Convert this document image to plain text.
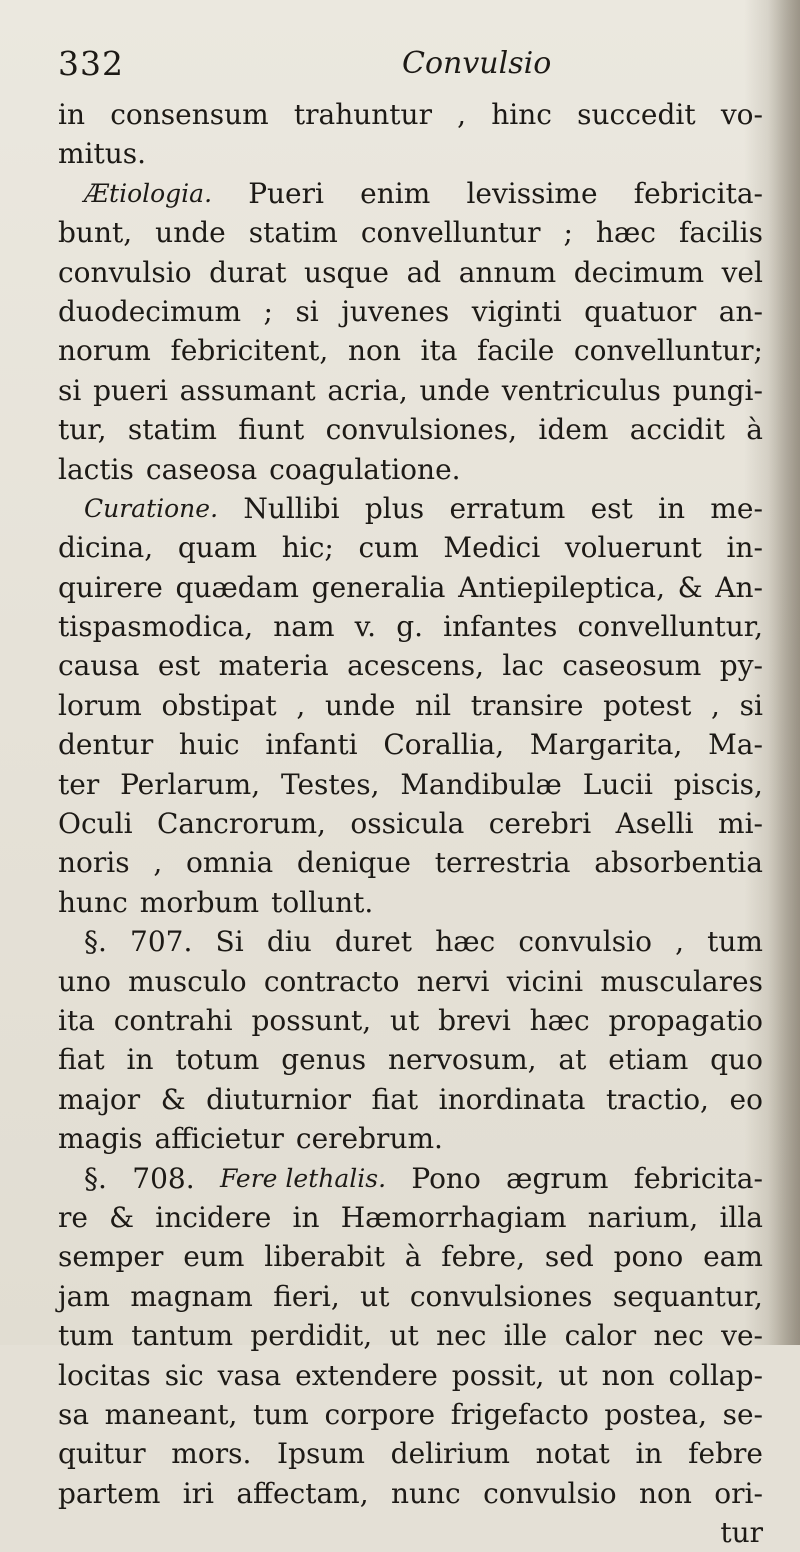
332	Convulsio
in consensum trahuntur , hinc succedit vo-
mitus.
Ætiologia. Pueri enim levissime febricita-
bunt, unde statim convelluntur ; hæc facilis
convulsio durat usque ad annum decimum vel
duodecimum ; si juvenes viginti quatuor an-
norum febricitent, non ita facile convelluntur;
si pueri assumant acria, unde ventriculus pungi-
tur, statim fiunt convulsiones, idem accidit à
lactis caseosa coagulatione.
Curatione. Nullibi plus erratum est in me-
dicina, quam hic; cum Medici voluerunt in-
quirere quædam generalia Antiepileptica, & An-
tispasmodica, nam v. g. infantes convelluntur,
causa est materia acescens, lac caseosum py-
lorum obstipat , unde nil transire potest , si
dentur huic infanti Corallia, Margarita, Ma-
ter Perlarum, Testes, Mandibulæ Lucii piscis,
Oculi Cancrorum, ossicula cerebri Aselli mi-
noris , omnia denique terrestria absorbentia
hunc morbum tollunt.
§. 707. Si diu duret hæc convulsio , tum
uno musculo contracto nervi vicini musculares
ita contrahi possunt, ut brevi hæc propagatio
fiat in totum genus nervosum, at etiam quo
major & diuturnior fiat inordinata tractio, eo
magis afficietur cerebrum.
§. 708. Fere lethalis. Pono ægrum febricita-
re & incidere in Hæmorrhagiam narium, illa
semper eum liberabit à febre, sed pono eam
jam magnam fieri, ut convulsiones sequantur,
tum tantum perdidit, ut nec ille calor nec ve-
locitas sic vasa extendere possit, ut non collap-
sa maneant, tum corpore frigefacto postea, se-
quitur mors. Ipsum delirium notat in febre
partem iri affectam, nunc convulsio non ori-
tur
